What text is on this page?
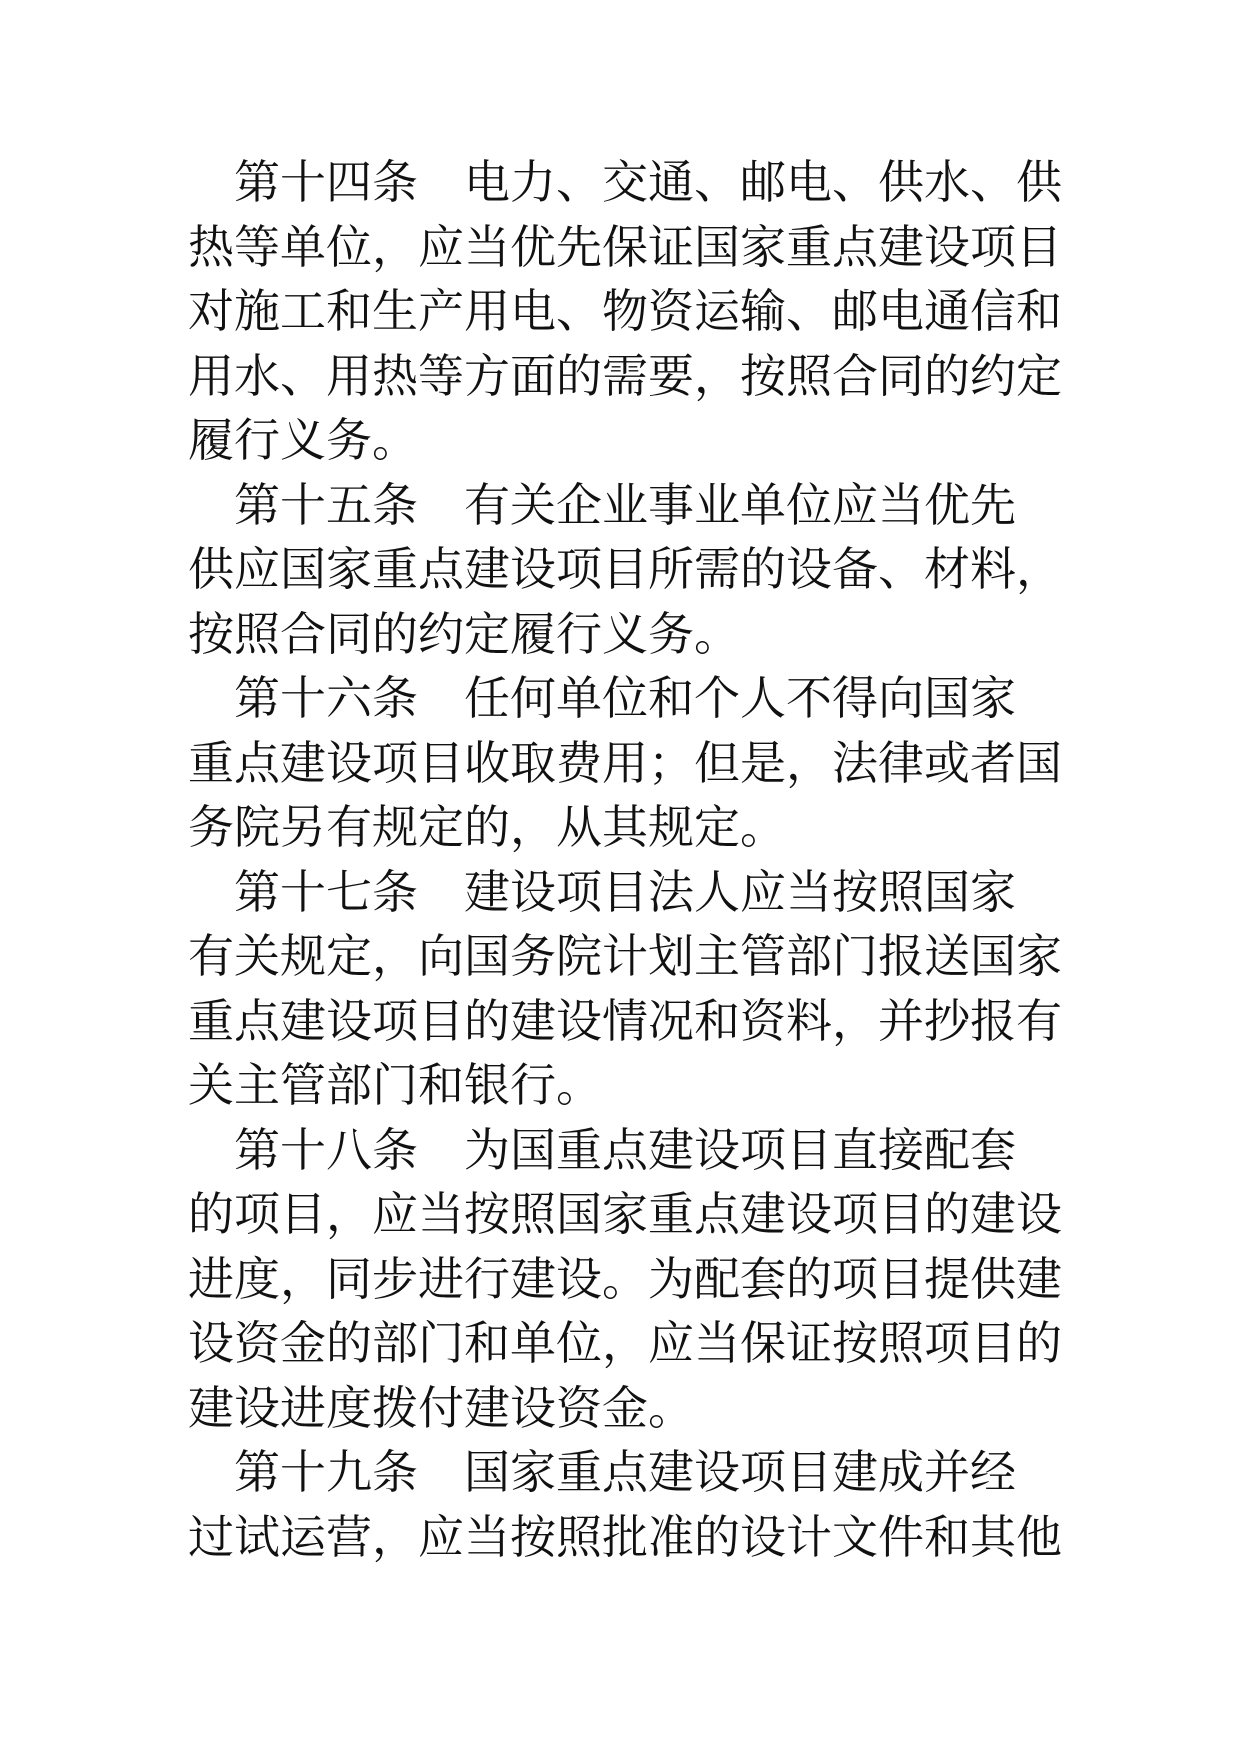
第十四条 电力、交通、邮电、供水、供
热等单位，应当优先保证国家重点建设项目
对施工和生产用电、物资运输、邮电通信和
用水、用热等方面的需要，按照合同的约定
履行义务。
第十五条 有关企业事业单位应当优先
供应国家重点建设项目所需的设备、材料，
按照合同的约定履行义务。
第十六条 任何单位和个人不得向国家
重点建设项目收取费用；但是，法律或者国
务院另有规定的，从其规定。
第十七条 建设项目法人应当按照国家
有关规定，向国务院计划主管部门报送国家
重点建设项目的建设情况和资料，并抄报有
关主管部门和银行。
第十八条 为国重点建设项目直接配套
的项目，应当按照国家重点建设项目的建设
进度，同步进行建设。为配套的项目提供建
设资金的部门和单位，应当保证按照项目的
建设进度拨付建设资金。
第十九条 国家重点建设项目建成并经
过试运营，应当按照批准的设计文件和其他
